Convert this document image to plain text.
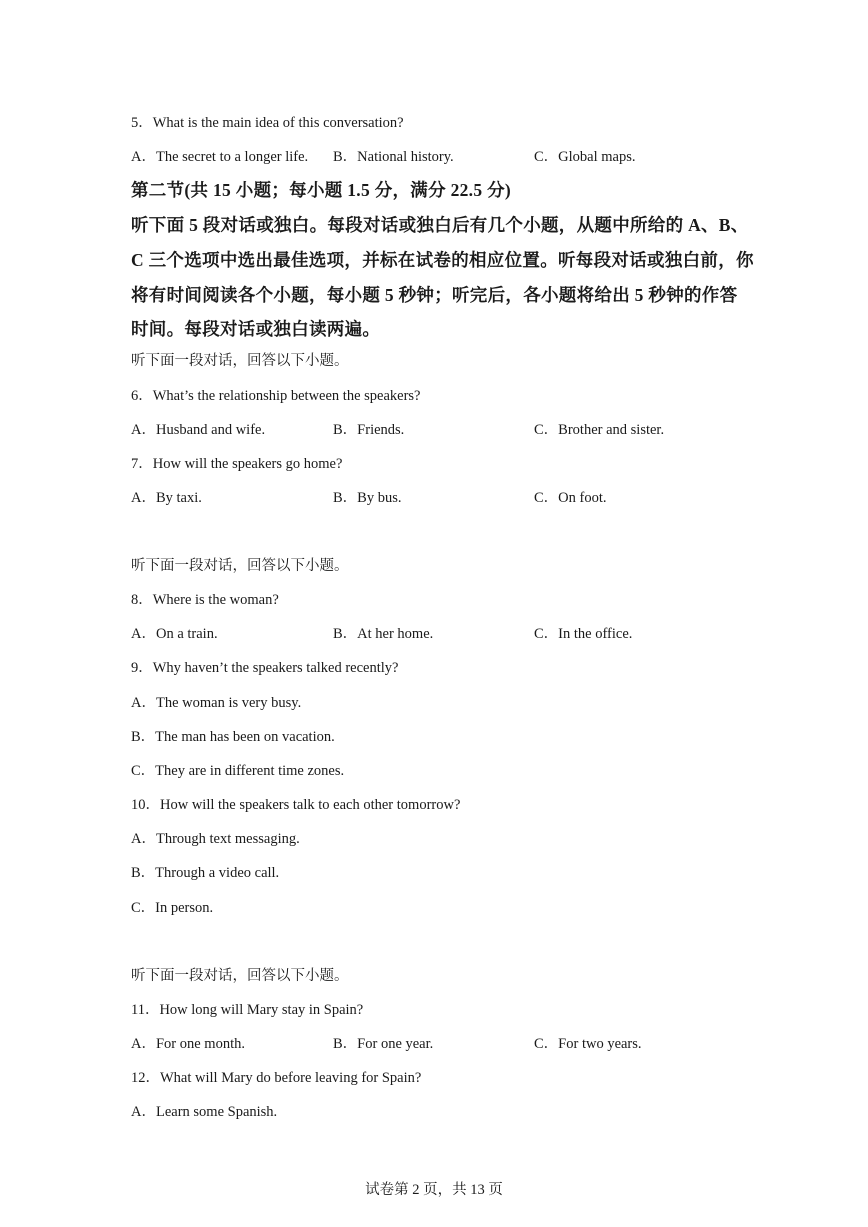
5．What is the main idea of this conversation?
A．The secret to a longer life. B．National history.	C．Global maps.
第二节(共 15 小题；每小题 1.5 分，满分 22.5 分)
听下面 5 段对话或独白。每段对话或独白后有几个小题，从题中所给的 A、B、
C 三个选项中选出最佳选项，并标在试卷的相应位置。听每段对话或独白前，你
将有时间阅读各个小题，每小题 5 秒钟；听完后，各小题将给出 5 秒钟的作答
时间。每段对话或独白读两遍。
听下面一段对话，回答以下小题。
6．What’s the relationship between the speakers?
A．Husband and wife.	B．Friends.	C．Brother and sister.
7．How will the speakers go home?
A．By taxi.	B．By bus.	C．On foot.
听下面一段对话，回答以下小题。
8．Where is the woman?
A．On a train.	B．At her home.	C．In the office.
9．Why haven’t the speakers talked recently?
A．The woman is very busy.
B．The man has been on vacation.
C．They are in different time zones.
10．How will the speakers talk to each other tomorrow?
A．Through text messaging.
B．Through a video call.
C．In person.
听下面一段对话，回答以下小题。
11．How long will Mary stay in Spain?
A．For one month.	B．For one year.	C．For two years.
12．What will Mary do before leaving for Spain?
A．Learn some Spanish.
试卷第 2 页，共 13 页
